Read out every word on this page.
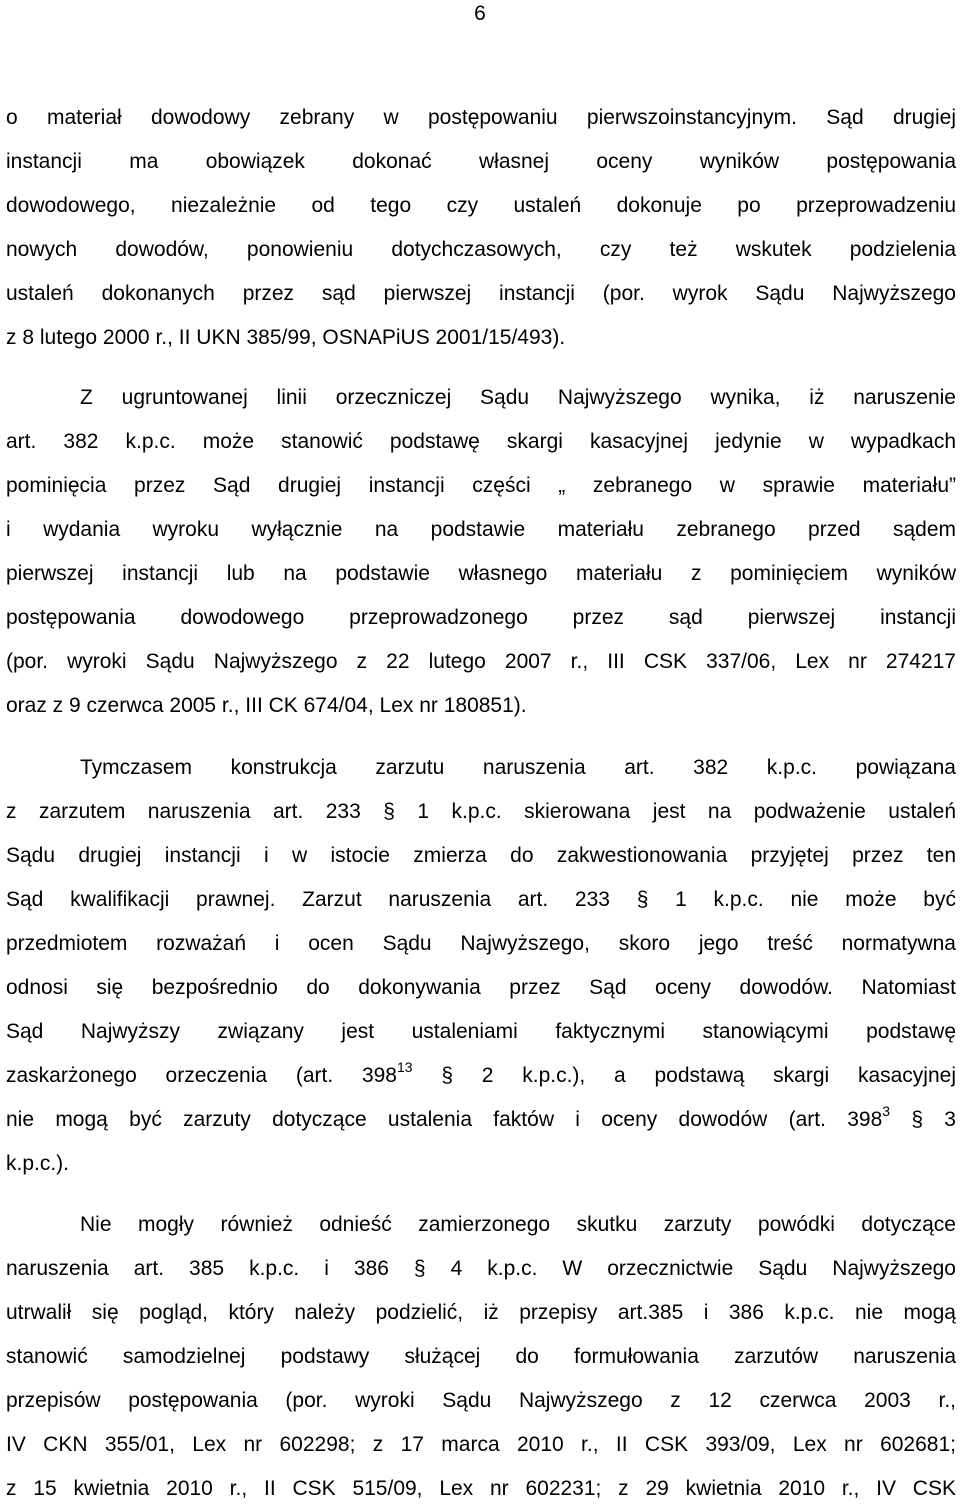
6
o materiał dowodowy zebrany w postępowaniu pierwszoinstancyjnym. Sąd drugiej
instancji ma obowiązek dokonać własnej oceny wyników postępowania
dowodowego, niezależnie od tego czy ustaleń dokonuje po przeprowadzeniu
nowych dowodów, ponowieniu dotychczasowych, czy też wskutek podzielenia
ustaleń dokonanych przez sąd pierwszej instancji (por. wyrok Sądu Najwyższego
z 8 lutego 2000 r., II UKN 385/99, OSNAPiUS 2001/15/493).
Z ugruntowanej linii orzeczniczej Sądu Najwyższego wynika, iż naruszenie
art. 382 k.p.c. może stanowić podstawę skargi kasacyjnej jedynie w wypadkach
pominięcia przez Sąd drugiej instancji części „ zebranego w sprawie materiału”
i wydania wyroku wyłącznie na podstawie materiału zebranego przed sądem
pierwszej instancji lub na podstawie własnego materiału z pominięciem wyników
postępowania dowodowego przeprowadzonego przez sąd pierwszej instancji
(por. wyroki Sądu Najwyższego z 22 lutego 2007 r., III CSK 337/06, Lex nr 274217
oraz z 9 czerwca 2005 r., III CK 674/04, Lex nr 180851).
Tymczasem konstrukcja zarzutu naruszenia art. 382 k.p.c. powiązana
z zarzutem naruszenia art. 233 § 1 k.p.c. skierowana jest na podważenie ustaleń
Sądu drugiej instancji i w istocie zmierza do zakwestionowania przyjętej przez ten
Sąd kwalifikacji prawnej. Zarzut naruszenia art. 233 § 1 k.p.c. nie może być
przedmiotem rozważań i ocen Sądu Najwyższego, skoro jego treść normatywna
odnosi się bezpośrednio do dokonywania przez Sąd oceny dowodów. Natomiast
Sąd Najwyższy związany jest ustaleniami faktycznymi stanowiącymi podstawę
zaskarżonego orzeczenia (art. $398^{13}$ § 2 k.p.c.), a podstawą skargi kasacyjnej
nie mogą być zarzuty dotyczące ustalenia faktów i oceny dowodów (art. $398^3$ § 3
k.p.c.).
Nie mogły również odnieść zamierzonego skutku zarzuty powódki dotyczące
naruszenia art. 385 k.p.c. i 386 § 4 k.p.c. W orzecznictwie Sądu Najwyższego
utrwalił się pogląd, który należy podzielić, iż przepisy art.385 i 386 k.p.c. nie mogą
stanowić samodzielnej podstawy służącej do formułowania zarzutów naruszenia
przepisów postępowania (por. wyroki Sądu Najwyższego z 12 czerwca 2003 r.,
IV CKN 355/01, Lex nr 602298; z 17 marca 2010 r., II CSK 393/09, Lex nr 602681;
z 15 kwietnia 2010 r., II CSK 515/09, Lex nr 602231; z 29 kwietnia 2010 r., IV CSK
